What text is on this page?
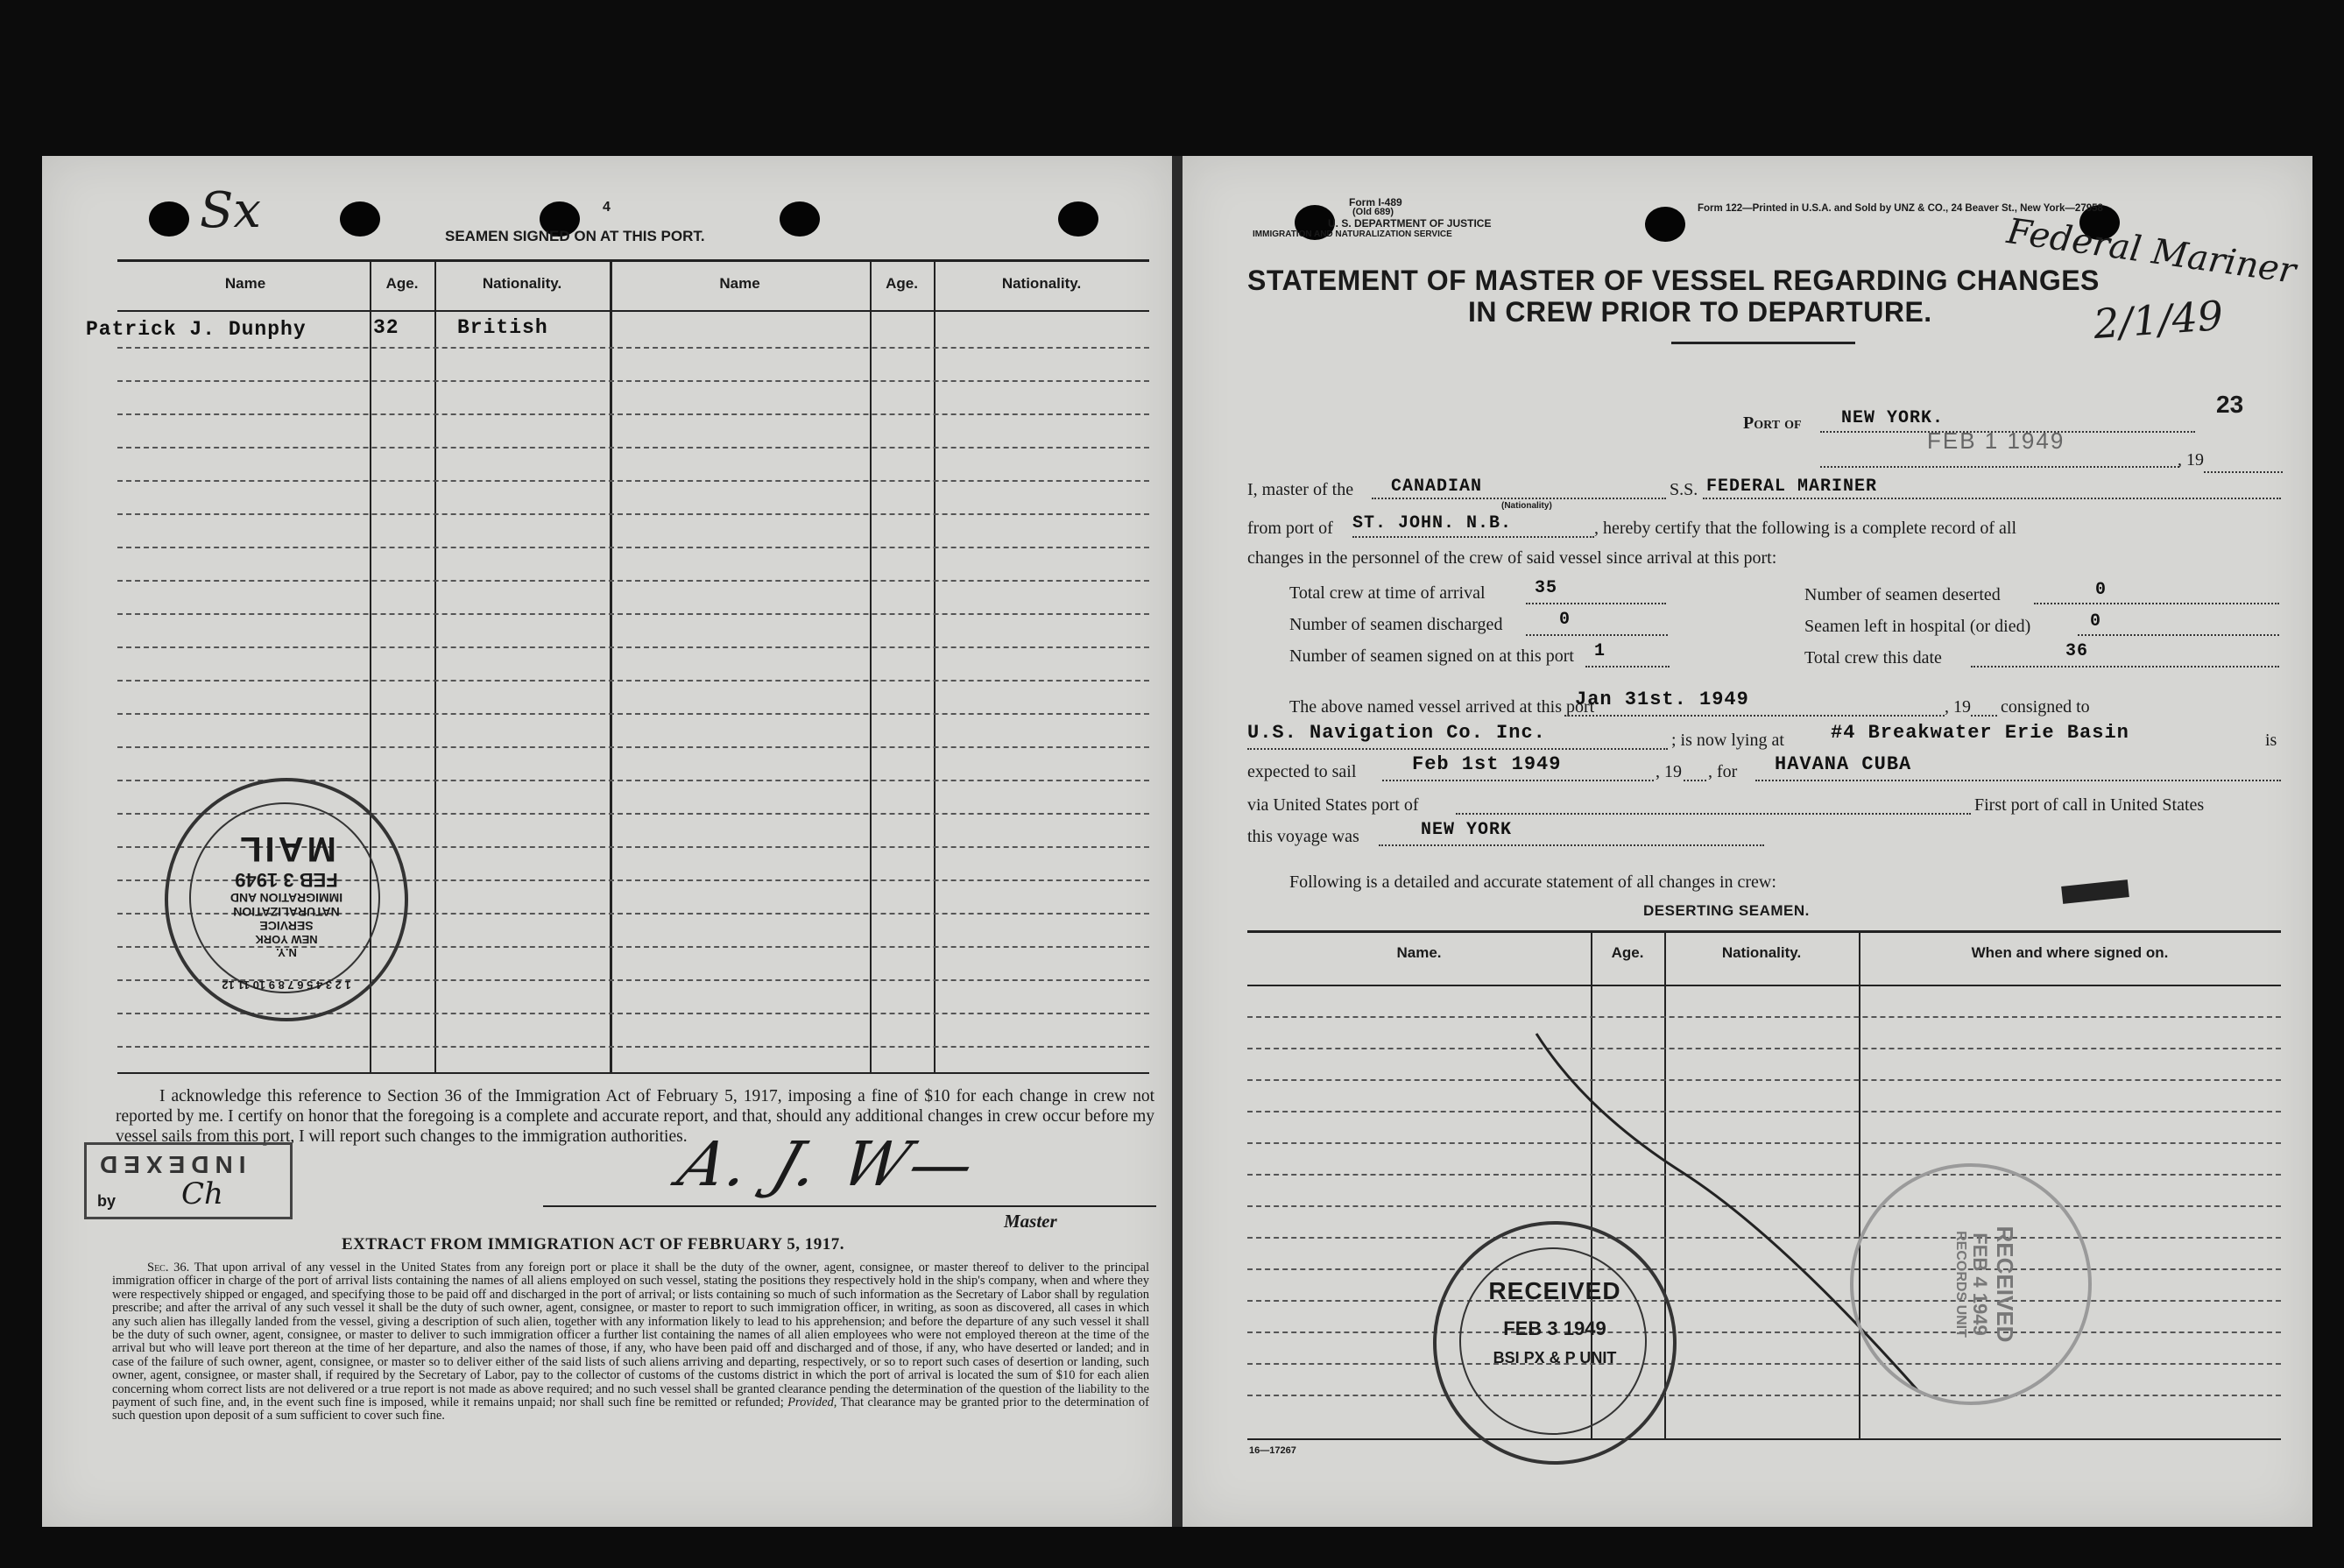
Sx	4
SEAMEN SIGNED ON AT THIS PORT.
Name	Age.	Nationality.	Name	Age.	Nationality.
Patrick J. Dunphy	32	British
1 2 3 4 5 6 7 8 9 10 11 12
N.Y.
NEW YORK
SERVICE
NATURALIZATION
IMMIGRATION AND
FEB 3 1949
MAIL
I acknowledge this reference to Section 36 of the Immigration Act of February 5, 1917, imposing a fine of $10 for each change in crew not reported by me. I certify on honor that the foregoing is a complete and accurate report, and that, should any additional changes in crew occur before my vessel sails from this port, I will report such changes to the immigration authorities.
INDEXED
Ch
by
A. J. W—
Master
EXTRACT FROM IMMIGRATION ACT OF FEBRUARY 5, 1917.
Sec. 36. That upon arrival of any vessel in the United States from any foreign port or place it shall be the duty of the owner, agent, consignee, or master thereof to deliver to the principal immigration officer in charge of the port of arrival lists containing the names of all aliens employed on such vessel, stating the positions they respectively hold in the ship's company, when and where they were respectively shipped or engaged, and specifying those to be paid off and discharged in the port of arrival; or lists containing so much of such information as the Secretary of Labor shall by regulation prescribe; and after the arrival of any such vessel it shall be the duty of such owner, agent, consignee, or master to report to such immigration officer, in writing, as soon as discovered, all cases in which any such alien has illegally landed from the vessel, giving a description of such alien, together with any information likely to lead to his apprehension; and before the departure of any such vessel it shall be the duty of such owner, agent, consignee, or master to deliver to such immigration officer a further list containing the names of all alien employees who were not employed thereon at the time of the arrival but who will leave port thereon at the time of her departure, and also the names of those, if any, who have been paid off and discharged and of those, if any, who have deserted or landed; and in case of the failure of such owner, agent, consignee, or master so to deliver either of the said lists of such aliens arriving and departing, respectively, or so to report such cases of desertion or landing, such owner, agent, consignee, or master shall, if required by the Secretary of Labor, pay to the collector of customs of the customs district in which the port of arrival is located the sum of $10 for each alien concerning whom correct lists are not delivered or a true report is not made as above required; and no such vessel shall be granted clearance pending the determination of the question of the liability to the payment of such fine, and, in the event such fine is imposed, while it remains unpaid; nor shall such fine be remitted or refunded; Provided, That clearance may be granted prior to the determination of such question upon deposit of a sum sufficient to cover such fine.
Form I-489
(Old 689)
U. S. DEPARTMENT OF JUSTICE
IMMIGRATION AND NATURALIZATION SERVICE
Form 122—Printed in U.S.A. and Sold by UNZ & CO., 24 Beaver St., New York—27958
Federal Mariner
2/1/49
STATEMENT OF MASTER OF VESSEL REGARDING CHANGES
IN CREW PRIOR TO DEPARTURE.
23
Port of NEW YORK.
FEB 1 1949
, 19
I, master of the CANADIAN
(Nationality)
S.S. FEDERAL MARINER
from port of ST. JOHN. N.B.	, hereby certify that the following is a complete record of all
changes in the personnel of the crew of said vessel since arrival at this port:
Total crew at time of arrival	35	Number of seamen deserted	0
Number of seamen discharged	0	Seamen left in hospital (or died)	0
Number of seamen signed on at this port 1	Total crew this date	36
The above named vessel arrived at this port
Jan 31st. 1949	, 19 consigned to
U.S. Navigation Co. Inc.	; is now lying at #4 Breakwater Erie Basin	is
expected to sail	Feb 1st 1949	, 19 , for HAVANA CUBA
via United States port of	First port of call in United States
this voyage was	NEW YORK
Following is a detailed and accurate statement of all changes in crew:
DESERTING SEAMEN.
Name.	Age.	Nationality.	When and where signed on.
RECEIVED
FEB 4 1949
RECORDS UNIT
RECEIVED
FEB 3 1949
BSI PX & P UNIT
16—17267
